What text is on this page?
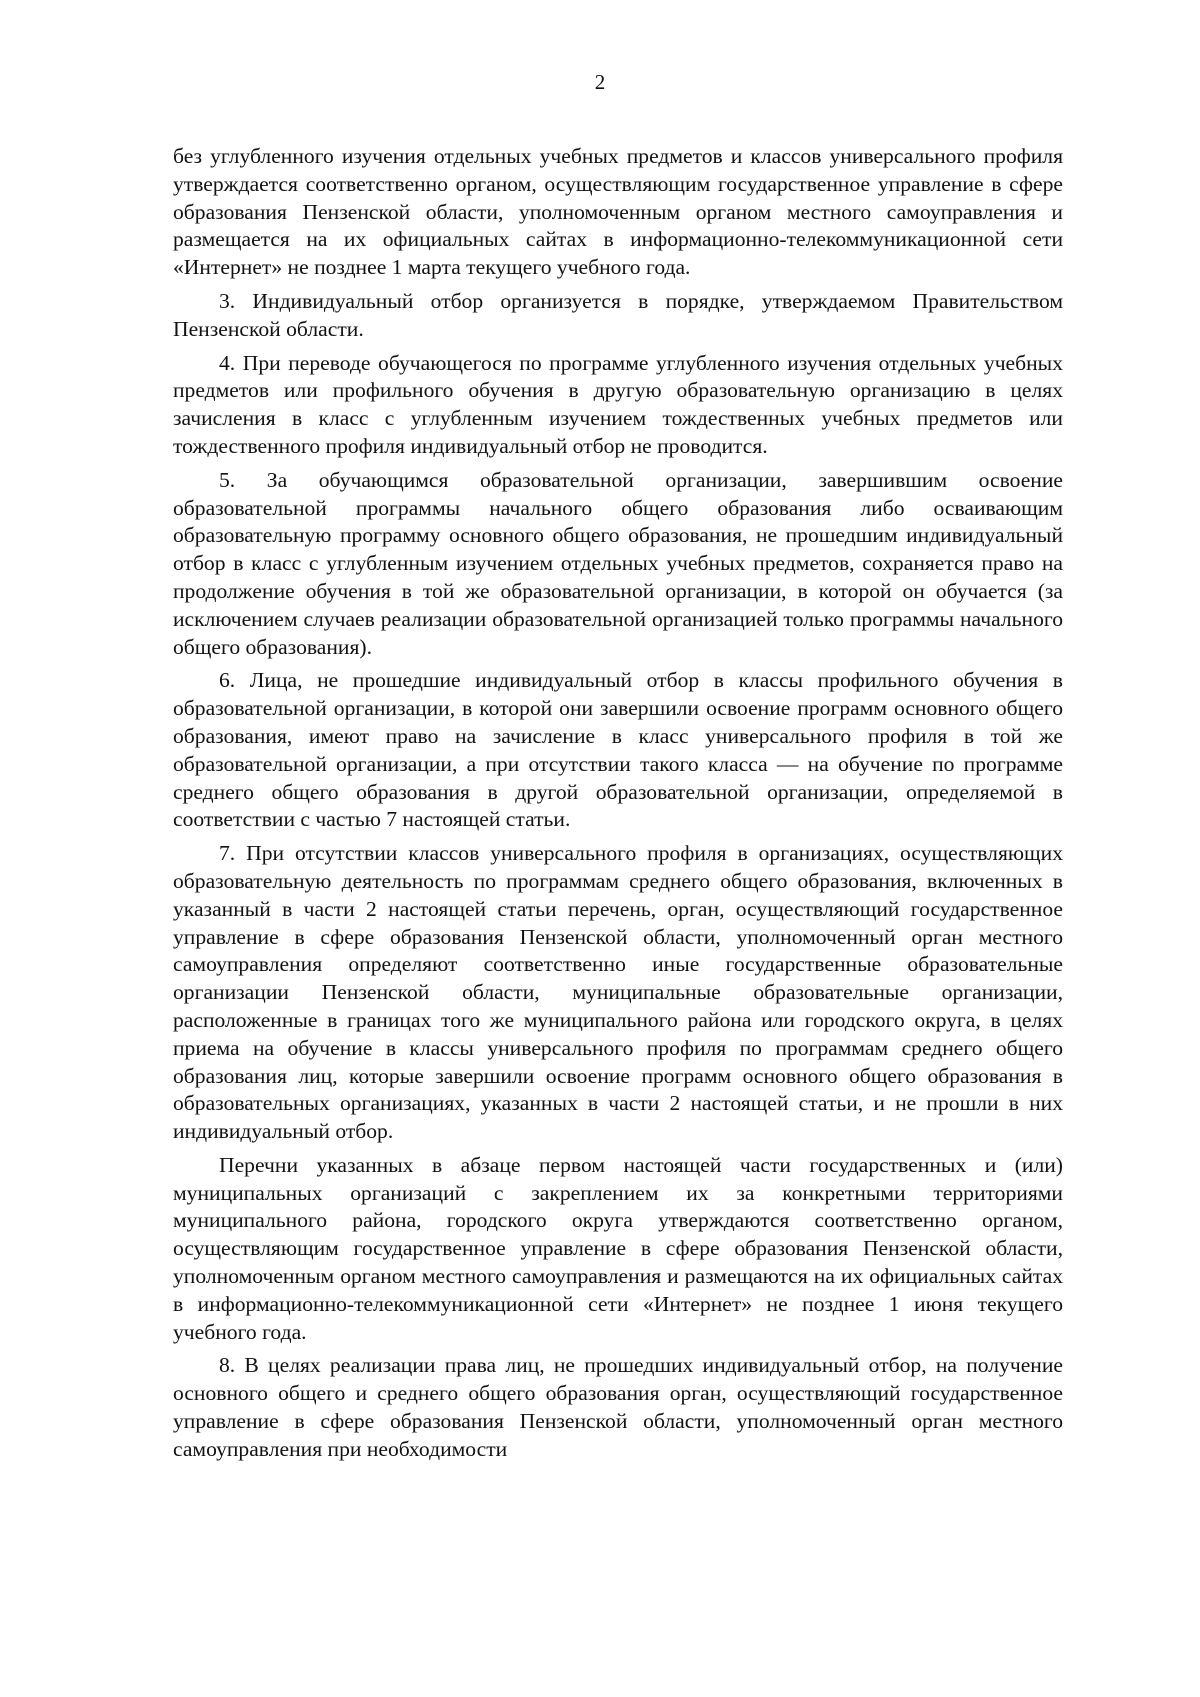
2

без углубленного изучения отдельных учебных предметов и классов универсального профиля утверждается соответственно органом, осуществляющим государственное управление в сфере образования Пензенской области, уполномоченным органом местного самоуправления и размещается на их официальных сайтах в информационно-телекоммуникационной сети «Интернет» не позднее 1 марта текущего учебного года.

3. Индивидуальный отбор организуется в порядке, утверждаемом Правительством Пензенской области.

4. При переводе обучающегося по программе углубленного изучения отдельных учебных предметов или профильного обучения в другую образовательную организацию в целях зачисления в класс с углубленным изучением тождественных учебных предметов или тождественного профиля индивидуальный отбор не проводится.

5. За обучающимся образовательной организации, завершившим освоение образовательной программы начального общего образования либо осваивающим образовательную программу основного общего образования, не прошедшим индивидуальный отбор в класс с углубленным изучением отдельных учебных предметов, сохраняется право на продолжение обучения в той же образовательной организации, в которой он обучается (за исключением случаев реализации образовательной организацией только программы начального общего образования).

6. Лица, не прошедшие индивидуальный отбор в классы профильного обучения в образовательной организации, в которой они завершили освоение программ основного общего образования, имеют право на зачисление в класс универсального профиля в той же образовательной организации, а при отсутствии такого класса — на обучение по программе среднего общего образования в другой образовательной организации, определяемой в соответствии с частью 7 настоящей статьи.

7. При отсутствии классов универсального профиля в организациях, осуществляющих образовательную деятельность по программам среднего общего образования, включенных в указанный в части 2 настоящей статьи перечень, орган, осуществляющий государственное управление в сфере образования Пензенской области, уполномоченный орган местного самоуправления определяют соответственно иные государственные образовательные организации Пензенской области, муниципальные образовательные организации, расположенные в границах того же муниципального района или городского округа, в целях приема на обучение в классы универсального профиля по программам среднего общего образования лиц, которые завершили освоение программ основного общего образования в образовательных организациях, указанных в части 2 настоящей статьи, и не прошли в них индивидуальный отбор.

Перечни указанных в абзаце первом настоящей части государственных и (или) муниципальных организаций с закреплением их за конкретными территориями муниципального района, городского округа утверждаются соответственно органом, осуществляющим государственное управление в сфере образования Пензенской области, уполномоченным органом местного самоуправления и размещаются на их официальных сайтах в информационно-телекоммуникационной сети «Интернет» не позднее 1 июня текущего учебного года.

8. В целях реализации права лиц, не прошедших индивидуальный отбор, на получение основного общего и среднего общего образования орган, осуществляющий государственное управление в сфере образования Пензенской области, уполномоченный орган местного самоуправления при необходимости
